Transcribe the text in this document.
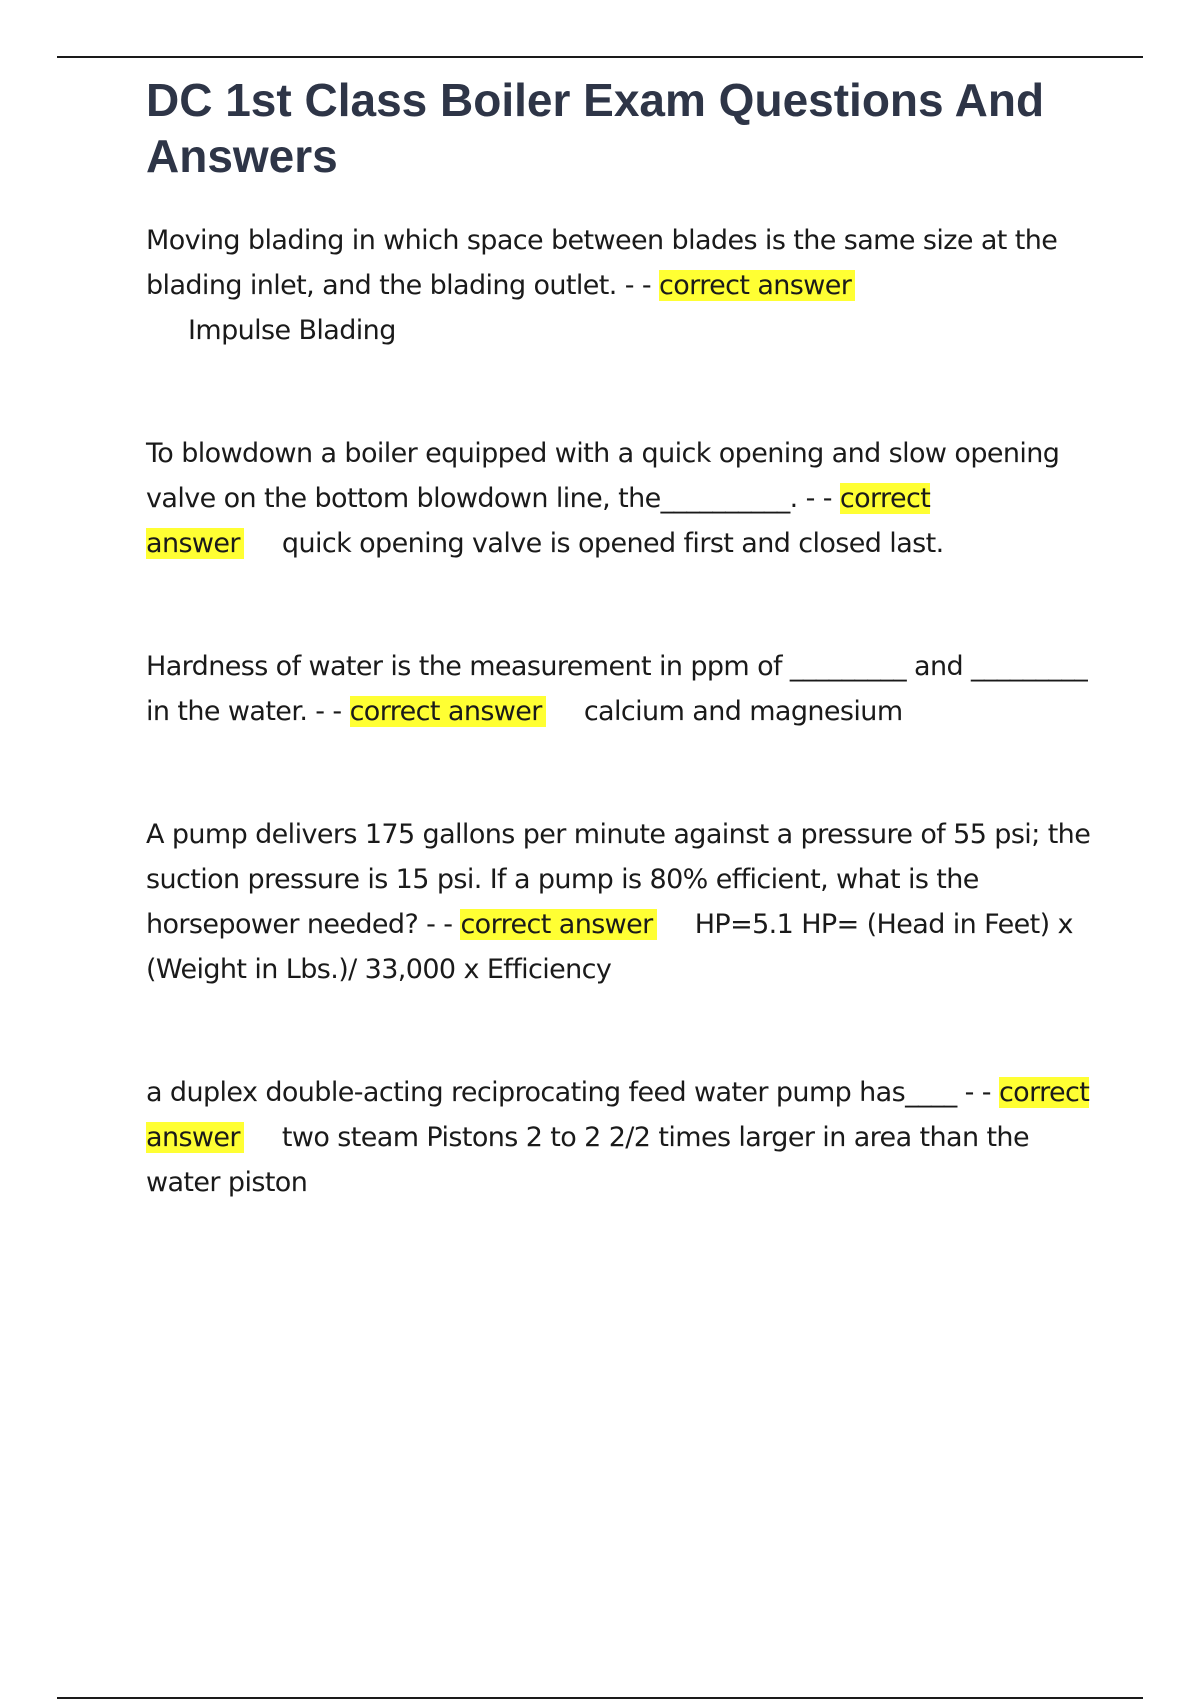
DC 1st Class Boiler Exam Questions And Answers

Moving blading in which space between blades is the same size at the blading inlet, and the blading outlet. - - correct answer
Impulse Blading

To blowdown a boiler equipped with a quick opening and slow opening valve on the bottom blowdown line, the__________. - - correct answer quick opening valve is opened first and closed last.

Hardness of water is the measurement in ppm of _________ and _________ in the water. - - correct answer calcium and magnesium

A pump delivers 175 gallons per minute against a pressure of 55 psi; the suction pressure is 15 psi. If a pump is 80% efficient, what is the horsepower needed? - - correct answer HP=5.1 HP= (Head in Feet) x (Weight in Lbs.)/ 33,000 x Efficiency

a duplex double-acting reciprocating feed water pump has____ - - correct answer two steam Pistons 2 to 2 2/2 times larger in area than the water piston
